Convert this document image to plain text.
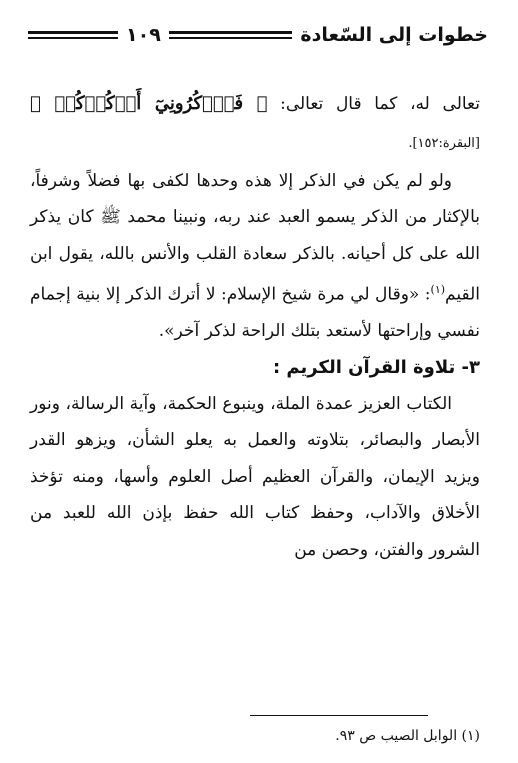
خطوات إلى السّعادة
١٠٩

تعالى له، كما قال تعالى: ﴿ فَٱذۡكُرُونِيٓ أَذۡكُرۡكُمۡ ﴾ [البقرة:١٥٢].

ولو لم يكن في الذكر إلا هذه وحدها لكفى بها فضلاً وشرفاً، بالإكثار من الذكر يسمو العبد عند ربه، ونبينا محمد ﷺ كان يذكر الله على كل أحيانه. بالذكر سعادة القلب والأنس بالله، يقول ابن القيم$^{(١)}$: «وقال لي مرة شيخ الإسلام: لا أترك الذكر إلا بنية إجمام نفسي وإراحتها لأستعد بتلك الراحة لذكر آخر».

٣- تلاوة القرآن الكريم :

الكتاب العزيز عمدة الملة، وينبوع الحكمة، وآية الرسالة، ونور الأبصار والبصائر، بتلاوته والعمل به يعلو الشأن، ويزهو القدر ويزيد الإيمان، والقرآن العظيم أصل العلوم وأسها، ومنه تؤخذ الأخلاق والآداب، وحفظ كتاب الله حفظ بإذن الله للعبد من الشرور والفتن، وحصن من

(١) الوابل الصيب ص ٩٣.
